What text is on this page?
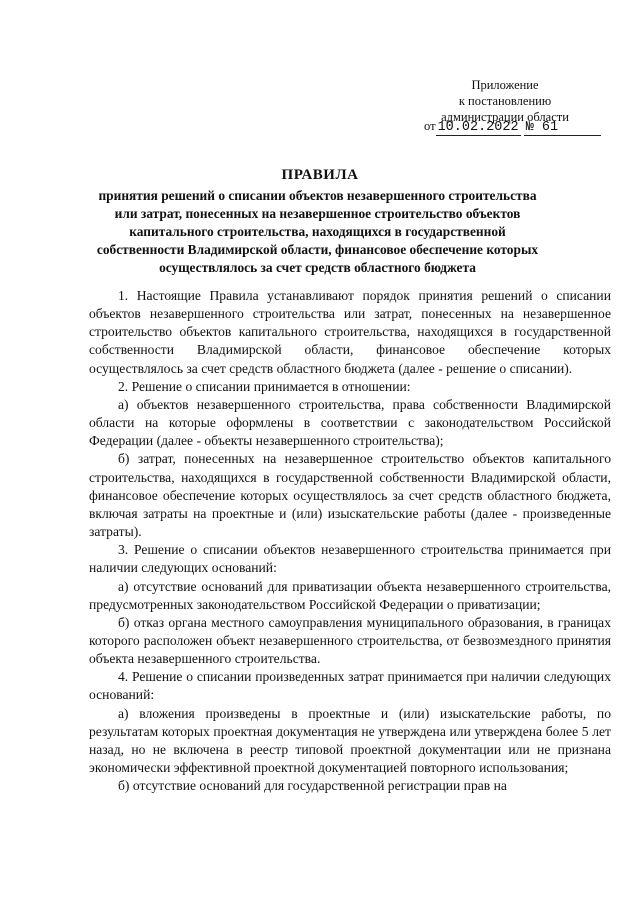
Приложение
к постановлению
администрации области
от 10.02.2022 № 61
ПРАВИЛА
принятия решений о списании объектов незавершенного строительства или затрат, понесенных на незавершенное строительство объектов капитального строительства, находящихся в государственной собственности Владимирской области, финансовое обеспечение которых осуществлялось за счет средств областного бюджета

1. Настоящие Правила устанавливают порядок принятия решений о списании объектов незавершенного строительства или затрат, понесенных на незавершенное строительство объектов капитального строительства, находящихся в государственной собственности Владимирской области, финансовое обеспечение которых осуществлялось за счет средств областного бюджета (далее - решение о списании).

2. Решение о списании принимается в отношении:

а) объектов незавершенного строительства, права собственности Владимирской области на которые оформлены в соответствии с законодательством Российской Федерации (далее - объекты незавершенного строительства);

б) затрат, понесенных на незавершенное строительство объектов капитального строительства, находящихся в государственной собственности Владимирской области, финансовое обеспечение которых осуществлялось за счет средств областного бюджета, включая затраты на проектные и (или) изыскательские работы (далее - произведенные затраты).

3. Решение о списании объектов незавершенного строительства принимается при наличии следующих оснований:

а) отсутствие оснований для приватизации объекта незавершенного строительства, предусмотренных законодательством Российской Федерации о приватизации;

б) отказ органа местного самоуправления муниципального образования, в границах которого расположен объект незавершенного строительства, от безвозмездного принятия объекта незавершенного строительства.

4. Решение о списании произведенных затрат принимается при наличии следующих оснований:

а) вложения произведены в проектные и (или) изыскательские работы, по результатам которых проектная документация не утверждена или утверждена более 5 лет назад, но не включена в реестр типовой проектной документации или не признана экономически эффективной проектной документацией повторного использования;

б) отсутствие оснований для государственной регистрации прав на
